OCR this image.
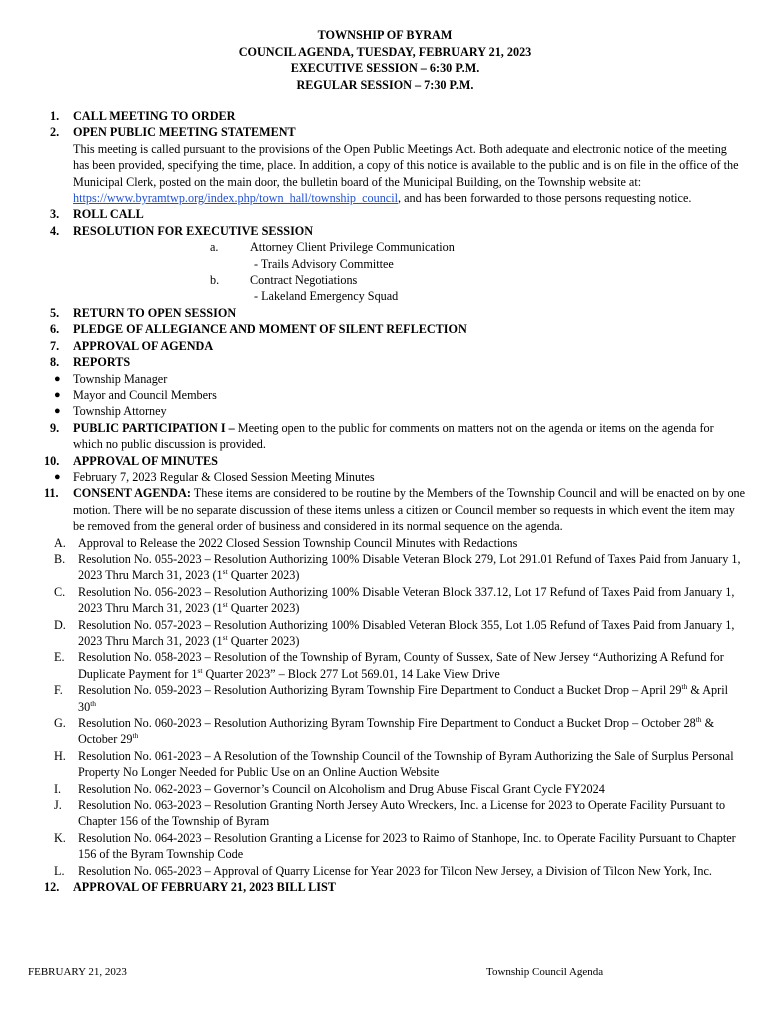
TOWNSHIP OF BYRAM
COUNCIL AGENDA, TUESDAY, FEBRUARY 21, 2023
EXECUTIVE SESSION – 6:30 P.M.
REGULAR SESSION – 7:30 P.M.
1. CALL MEETING TO ORDER
2. OPEN PUBLIC MEETING STATEMENT
This meeting is called pursuant to the provisions of the Open Public Meetings Act. Both adequate and electronic notice of the meeting has been provided, specifying the time, place. In addition, a copy of this notice is available to the public and is on file in the office of the Municipal Clerk, posted on the main door, the bulletin board of the Municipal Building, on the Township website at: https://www.byramtwp.org/index.php/town_hall/township_council, and has been forwarded to those persons requesting notice.
3. ROLL CALL
4. RESOLUTION FOR EXECUTIVE SESSION
a.	Attorney Client Privilege Communication
- Trails Advisory Committee
b.	Contract Negotiations
- Lakeland Emergency Squad
5. RETURN TO OPEN SESSION
6. PLEDGE OF ALLEGIANCE AND MOMENT OF SILENT REFLECTION
7. APPROVAL OF AGENDA
8. REPORTS
● Township Manager
● Mayor and Council Members
● Township Attorney
9. PUBLIC PARTICIPATION I – Meeting open to the public for comments on matters not on the agenda or items on the agenda for which no public discussion is provided.
10. APPROVAL OF MINUTES
● February 7, 2023 Regular & Closed Session Meeting Minutes
11. CONSENT AGENDA: These items are considered to be routine by the Members of the Township Council and will be enacted on by one motion. There will be no separate discussion of these items unless a citizen or Council member so requests in which event the item may be removed from the general order of business and considered in its normal sequence on the agenda.
A. Approval to Release the 2022 Closed Session Township Council Minutes with Redactions
B. Resolution No. 055-2023 – Resolution Authorizing 100% Disable Veteran Block 279, Lot 291.01 Refund of Taxes Paid from January 1, 2023 Thru March 31, 2023 (1st Quarter 2023)
C. Resolution No. 056-2023 – Resolution Authorizing 100% Disable Veteran Block 337.12, Lot 17 Refund of Taxes Paid from January 1, 2023 Thru March 31, 2023 (1st Quarter 2023)
D. Resolution No. 057-2023 – Resolution Authorizing 100% Disabled Veteran Block 355, Lot 1.05 Refund of Taxes Paid from January 1, 2023 Thru March 31, 2023 (1st Quarter 2023)
E. Resolution No. 058-2023 – Resolution of the Township of Byram, County of Sussex, Sate of New Jersey “Authorizing A Refund for Duplicate Payment for 1st Quarter 2023” – Block 277 Lot 569.01, 14 Lake View Drive
F. Resolution No. 059-2023 – Resolution Authorizing Byram Township Fire Department to Conduct a Bucket Drop – April 29th & April 30th
G. Resolution No. 060-2023 – Resolution Authorizing Byram Township Fire Department to Conduct a Bucket Drop – October 28th & October 29th
H. Resolution No. 061-2023 – A Resolution of the Township Council of the Township of Byram Authorizing the Sale of Surplus Personal Property No Longer Needed for Public Use on an Online Auction Website
I. Resolution No. 062-2023 – Governor’s Council on Alcoholism and Drug Abuse Fiscal Grant Cycle FY2024
J. Resolution No. 063-2023 – Resolution Granting North Jersey Auto Wreckers, Inc. a License for 2023 to Operate Facility Pursuant to Chapter 156 of the Township of Byram
K. Resolution No. 064-2023 – Resolution Granting a License for 2023 to Raimo of Stanhope, Inc. to Operate Facility Pursuant to Chapter 156 of the Byram Township Code
L. Resolution No. 065-2023 – Approval of Quarry License for Year 2023 for Tilcon New Jersey, a Division of Tilcon New York, Inc.
12. APPROVAL OF FEBRUARY 21, 2023 BILL LIST
FEBRUARY 21, 2023	Township Council Agenda
